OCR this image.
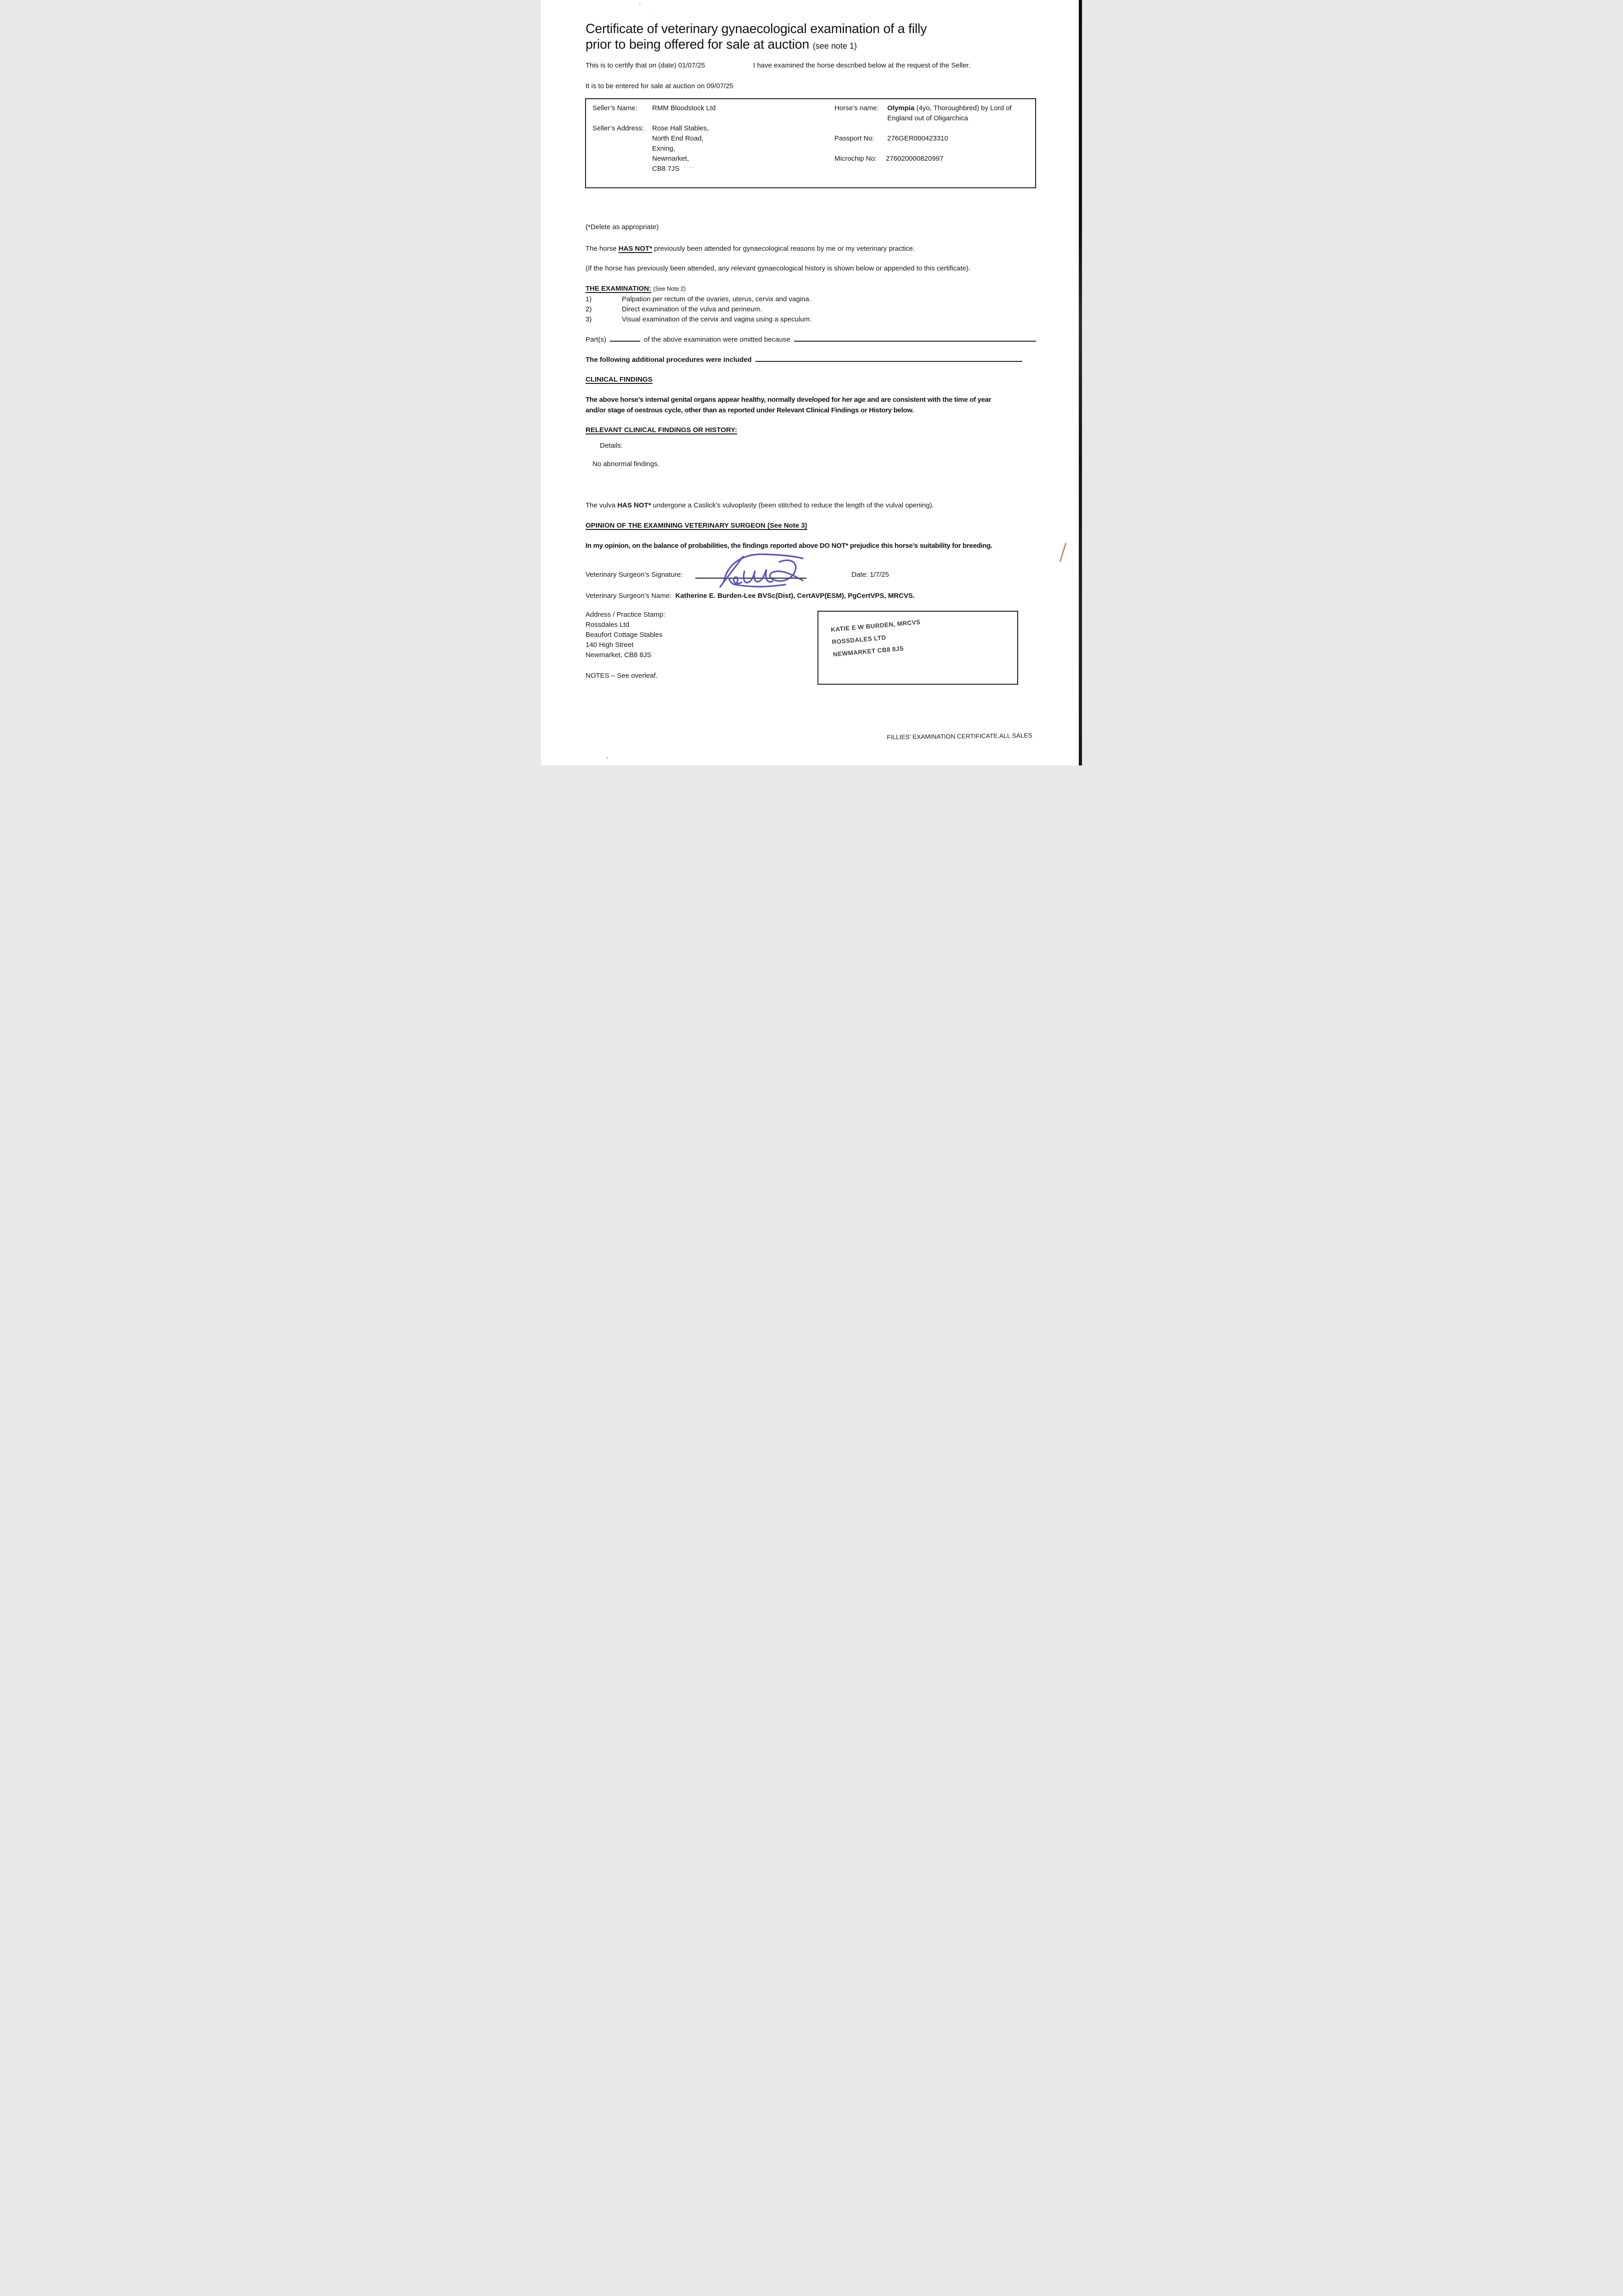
Certificate of veterinary gynaecological examination of a filly
prior to being offered for sale at auction (see note 1)
This is to certify that on (date) 01/07/25	I have examined the horse described below at the request of the Seller.
It is to be entered for sale at auction on 09/07/25
Seller’s Name: RMM Bloodstock Ltd	Horse’s name: Olympia (4yo, Thoroughbred) by Lord of
England out of Oligarchica
Seller’s Address: Rose Hall Stables,
North End Road,
Exning,
Newmarket,
CB8 7JS ’ ’’
Passport No: 276GER000423310
Microchip No: 276020000820997
(*Delete as appropriate)
The horse HAS NOT* previously been attended for gynaecological reasons by me or my veterinary practice.
(If the horse has previously been attended, any relevant gynaecological history is shown below or appended to this certificate).
THE EXAMINATION: (See Note 2)
1)	Palpation per rectum of the ovaries, uterus, cervix and vagina.
2)	Direct examination of the vulva and perineum.
3)	Visual examination of the cervix and vagina using a speculum.
Part(s)	of the above examination were omitted because
The following additional procedures were included
CLINICAL FINDINGS
The above horse’s internal genital organs appear healthy, normally developed for her age and are consistent with the time of year
and/or stage of oestrous cycle, other than as reported under Relevant Clinical Findings or History below.
RELEVANT CLINICAL FINDINGS OR HISTORY:
Details:
No abnormal findings.
The vulva HAS NOT* undergone a Caslick’s vulvoplasty (been stitched to reduce the length of the vulval opening).
OPINION OF THE EXAMINING VETERINARY SURGEON (See Note 3)
In my opinion, on the balance of probabilities, the findings reported above DO NOT* prejudice this horse’s suitability for breeding.
Veterinary Surgeon’s Signature:	Date: 1/7/25
Veterinary Surgeon’s Name: Katherine E. Burden-Lee BVSc(Dist), CertAVP(ESM), PgCertVPS, MRCVS.
Address / Practice Stamp:
Rossdales Ltd
Beaufort Cottage Stables
140 High Street
Newmarket, CB8 8JS
NOTES – See overleaf.
KATIE E W BURDEN, MRCVS
ROSSDALES LTD
NEWMARKET CB8 8JS
FILLIES’ EXAMINATION CERTIFICATE.ALL SALES
ı́
˗
·
ˑ
ι
